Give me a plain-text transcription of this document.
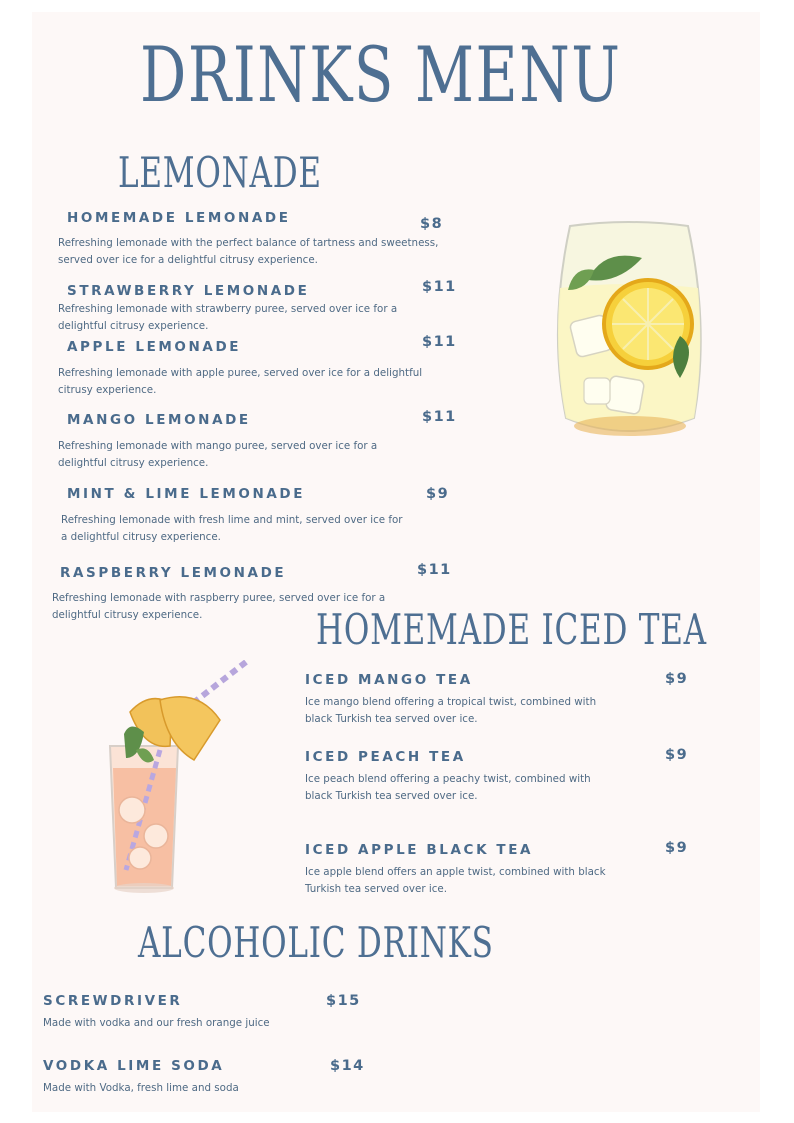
DRINKS MENU
LEMONADE
HOMEMADE LEMONADE	$8
Refreshing lemonade with the perfect balance of tartness and sweetness, served over ice for a delightful citrusy experience.
STRAWBERRY LEMONADE	$11
Refreshing lemonade with strawberry puree, served over ice for a delightful citrusy experience.
APPLE LEMONADE	$11
Refreshing lemonade with apple puree, served over ice for a delightful citrusy experience.
MANGO LEMONADE	$11
Refreshing lemonade with mango puree, served over ice for a delightful citrusy experience.
MINT & LIME LEMONADE	$9
Refreshing lemonade with fresh lime and mint, served over ice for a delightful citrusy experience.
RASPBERRY LEMONADE	$11
Refreshing lemonade with raspberry puree, served over ice for a delightful citrusy experience.	HOMEMADE ICED TEA
ICED MANGO TEA	$9
Ice mango blend offering a tropical twist, combined with black Turkish tea served over ice.
ICED PEACH TEA	$9
Ice peach blend offering a peachy twist, combined with black Turkish tea served over ice.
ICED APPLE BLACK TEA	$9
Ice apple blend offers an apple twist, combined with black Turkish tea served over ice.
ALCOHOLIC DRINKS
SCREWDRIVER	$15
Made with vodka and our fresh orange juice
VODKA LIME SODA	$14
Made with Vodka, fresh lime and soda
